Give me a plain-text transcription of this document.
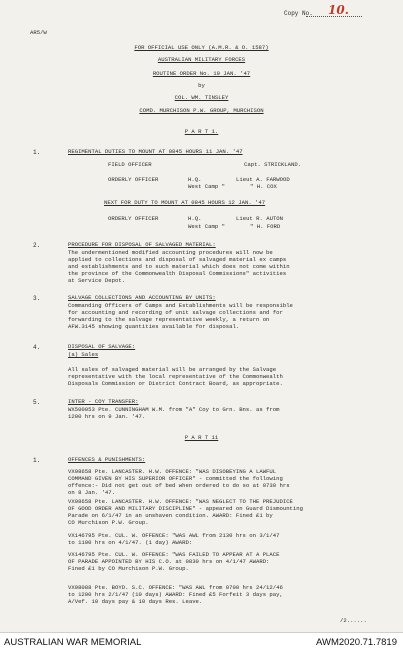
AR5/W
Copy No. 10.
FOR OFFICIAL USE ONLY (A.M.R. & O. 1587)
AUSTRALIAN MILITARY FORCES
ROUTINE ORDER No. 10 JAN. '47
by
COL. WM. TINSLEY
COMD. MURCHISON P.W. GROUP, MURCHISON
P A R T 1.
1.	REGIMENTAL DUTIES TO MOUNT AT 0845 HOURS 11 JAN. '47
FIELD OFFICER	Capt. STRICKLAND.
ORDERLY OFFICER	H.Q.	Lieut A. FARWOOD
West Camp "	" H. COX
NEXT FOR DUTY TO MOUNT AT 0845 HOURS 12 JAN. '47
ORDERLY OFFICER	H.Q.	Lieut R. AUTON
West Camp "	" H. FORD
2.	PROCEDURE FOR DISPOSAL OF SALVAGED MATERIAL:
The undermentioned modified accounting procedures will now be
applied to collections and disposal of salvaged material ex camps
and establishments and to such material which does not come within
the province of the Commonwealth Disposal Commissions" activities
at Service Depot.
3.	SALVAGE COLLECTIONS AND ACCOUNTING BY UNITS:
Commanding Officers of Camps and Establishments will be responsible
for accounting and recording of unit salvage collections and for
forwarding to the salvage representative weekly, a return on
AFW.3145 showing quantities available for disposal.
4.	DISPOSAL OF SALVAGE:
(a) Sales
All sales of salvaged material will be arranged by the Salvage
representative with the local representative of the Commonwealth
Disposals Commission or District Contract Board, as appropriate.
5.	INTER - COY TRANSFER:
WX500053 Pte. CUNNINGHAM W.M. from "A" Coy to Grn. Bns. as from
1200 hrs on 9 Jan. '47.
P A R T 11
1.	OFFENCES & PUNISHMENTS:
VX98658 Pte. LANCASTER. H.W. OFFENCE: "WAS DISOBEYING A LAWFUL
COMMAND GIVEN BY HIS SUPERIOR OFFICER" - committed the following
offence:- Did not get out of bed when ordered to do so at 0730 hrs
on 8 Jan. '47.
VX98658 Pte. LANCASTER. H.W. OFFENCE: "WAS NEGLECT TO THE PREJUDICE
OF GOOD ORDER AND MILITARY DISCIPLINE" - appeared on Guard Dismounting
Parade on 6/1/47 in an unshaven condition. AWARD: Fined £1 by
CO Murchison P.W. Group.
VX146795 Pte. CUL. W. OFFENCE: "WAS AWL from 2130 hrs on 3/1/47
to 1100 hrs on 4/1/47. (1 day) AWARD:
VX146795 Pte. CUL. W. OFFENCE: "WAS FAILED TO APPEAR AT A PLACE
OF PARADE APPOINTED BY HIS C.O. at 0830 hrs on 4/1/47 AWARD:
Fined £1 by CO Murchison P.W. Group.
VX98088 Pte. BOYD. S.C. OFFENCE: "WAS AWL from 0700 hrs 24/12/46
to 1200 hrs 2/1/47 (10 days) AWARD: Fined £5 Forfeit 3 days pay,
A/Vef. 10 days pay & 10 days Res. Leave.
/2......
AUSTRALIAN WAR MEMORIAL	AWM2020.71.7819
